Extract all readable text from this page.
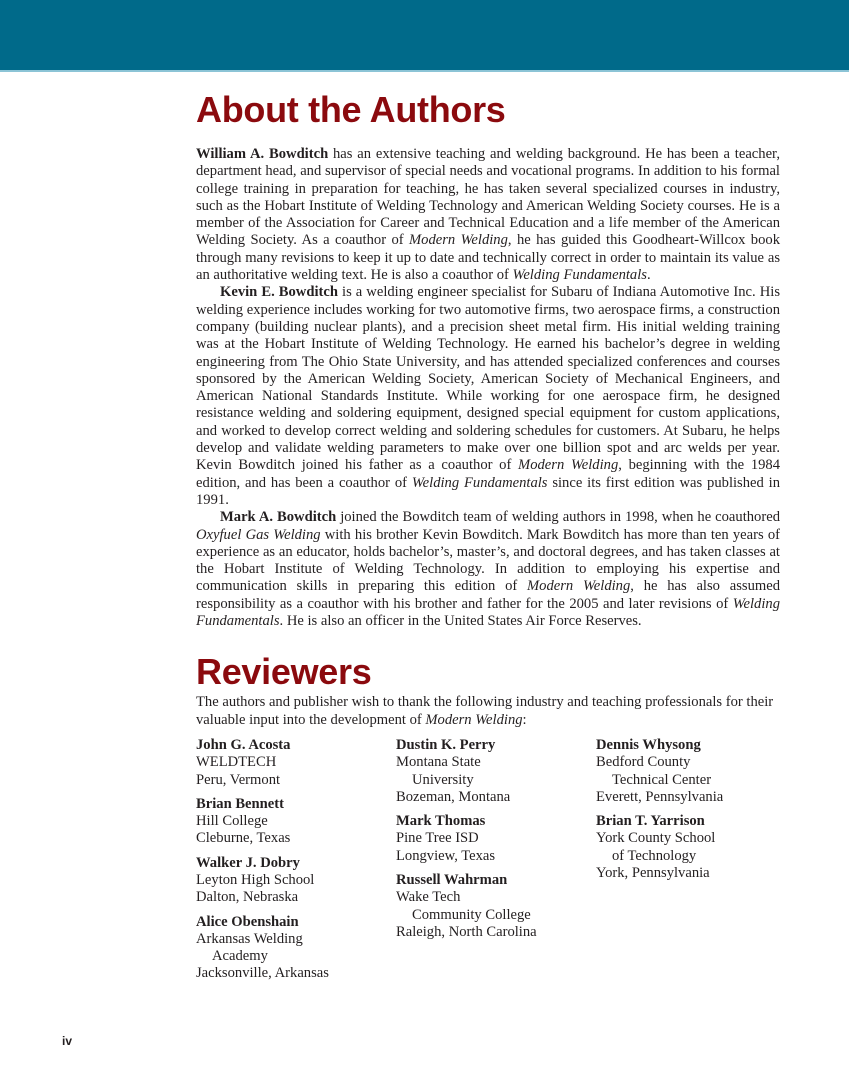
About the Authors

William A. Bowditch has an extensive teaching and welding background. He has been a teacher, department head, and supervisor of special needs and vocational programs. In addition to his formal college training in preparation for teaching, he has taken several specialized courses in industry, such as the Hobart Institute of Welding Technology and American Welding Society courses. He is a member of the Association for Career and Technical Education and a life member of the American Welding Society. As a coauthor of Modern Welding, he has guided this Goodheart-Willcox book through many revisions to keep it up to date and technically correct in order to maintain its value as an authoritative welding text. He is also a coauthor of Welding Fundamentals.

Kevin E. Bowditch is a welding engineer specialist for Subaru of Indiana Automotive Inc. His welding experience includes working for two automotive firms, two aerospace firms, a construction company (building nuclear plants), and a precision sheet metal firm. His initial welding training was at the Hobart Institute of Welding Technology. He earned his bachelor’s degree in welding engineering from The Ohio State University, and has attended specialized conferences and courses sponsored by the American Welding Society, American Society of Mechanical Engineers, and American National Standards Institute. While working for one aerospace firm, he designed resistance welding and soldering equipment, designed special equipment for custom applications, and worked to develop correct welding and soldering schedules for customers. At Subaru, he helps develop and validate welding parameters to make over one billion spot and arc welds per year. Kevin Bowditch joined his father as a coauthor of Modern Welding, beginning with the 1984 edition, and has been a coauthor of Welding Fundamentals since its first edition was published in 1991.

Mark A. Bowditch joined the Bowditch team of welding authors in 1998, when he coauthored Oxyfuel Gas Welding with his brother Kevin Bowditch. Mark Bowditch has more than ten years of experience as an educator, holds bachelor’s, master’s, and doctoral degrees, and has taken classes at the Hobart Institute of Welding Technology. In addition to employing his expertise and communication skills in preparing this edition of Modern Welding, he has also assumed responsibility as a coauthor with his brother and father for the 2005 and later revisions of Welding Fundamentals. He is also an officer in the United States Air Force Reserves.

Reviewers

The authors and publisher wish to thank the following industry and teaching professionals for their valuable input into the development of Modern Welding:

John G. Acosta
WELDTECH
Peru, Vermont
Brian Bennett
Hill College
Cleburne, Texas
Walker J. Dobry
Leyton High School
Dalton, Nebraska
Alice Obenshain
Arkansas Welding
Academy
Jacksonville, Arkansas
Dustin K. Perry
Montana State
University
Bozeman, Montana
Mark Thomas
Pine Tree ISD
Longview, Texas
Russell Wahrman
Wake Tech
Community College
Raleigh, North Carolina
Dennis Whysong
Bedford County
Technical Center
Everett, Pennsylvania
Brian T. Yarrison
York County School
of Technology
York, Pennsylvania
iv
